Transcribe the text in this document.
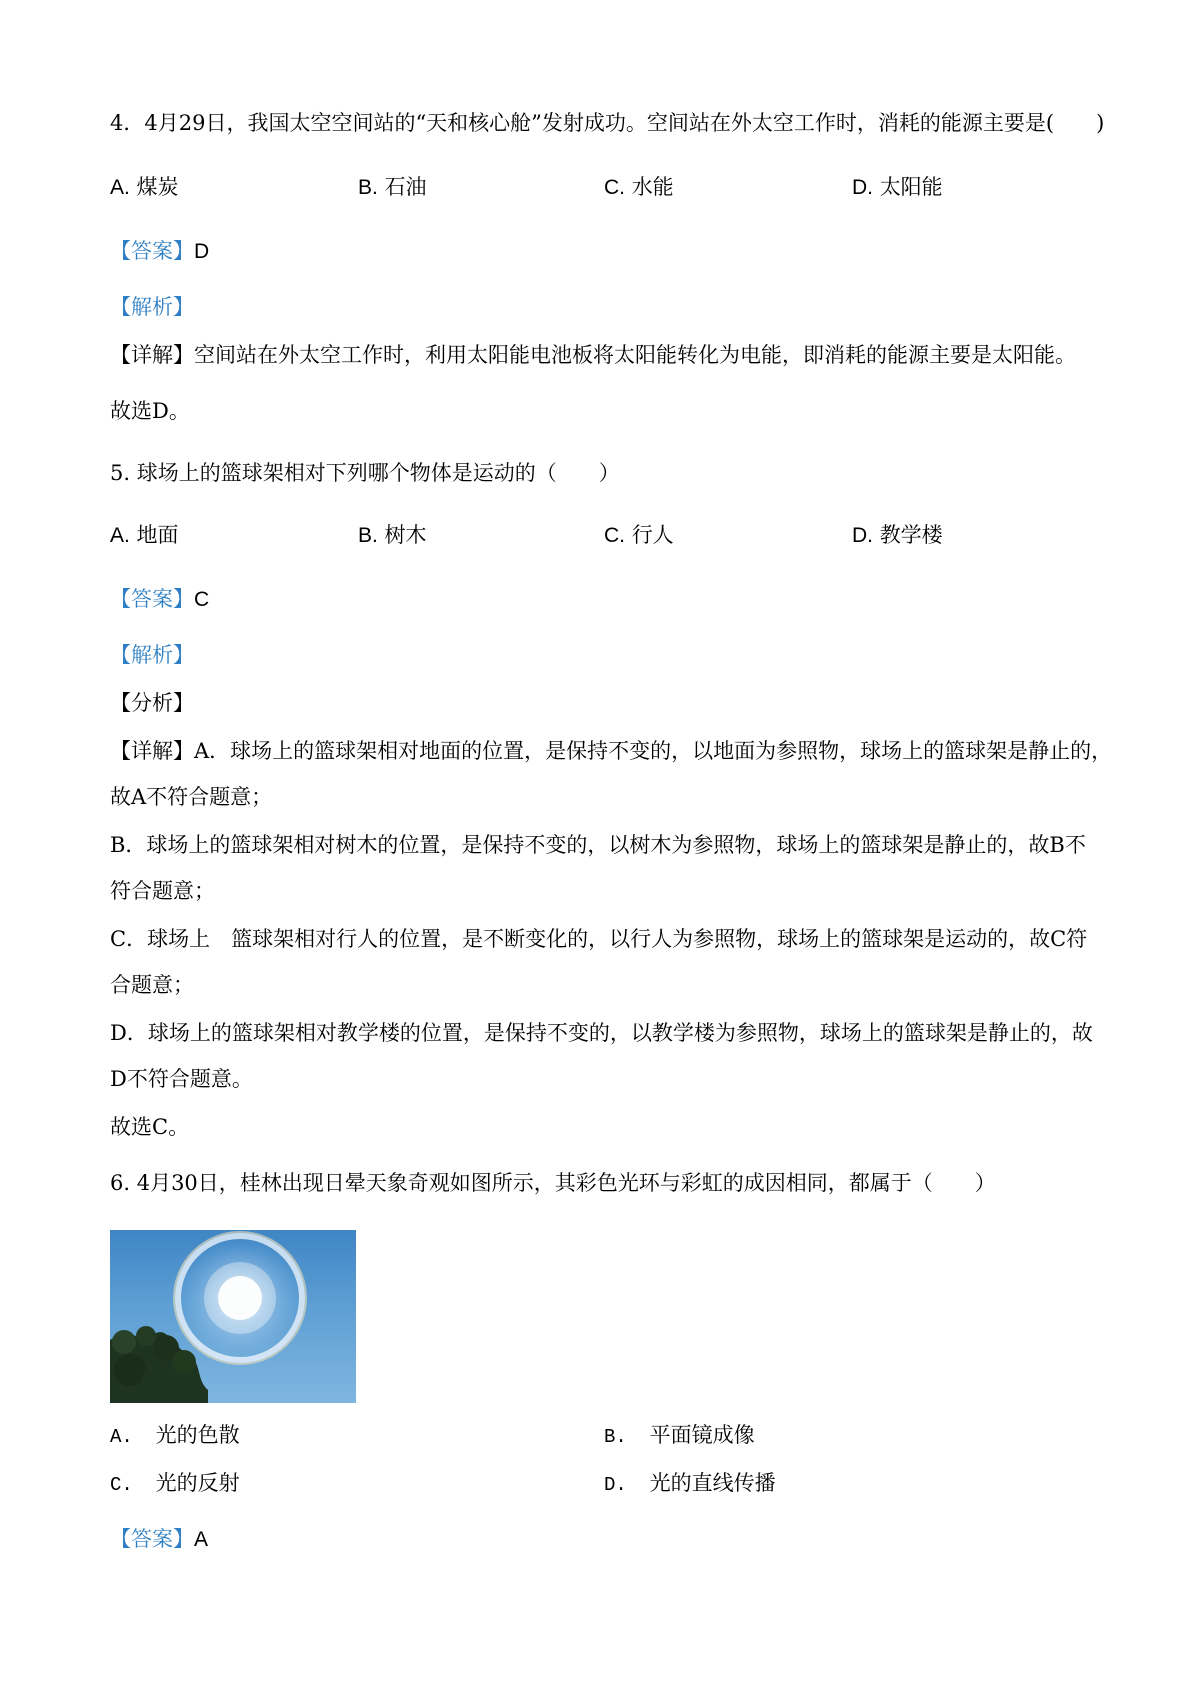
4．4月29日，我国太空空间站的“天和核心舱”发射成功。空间站在外太空工作时，消耗的能源主要是(　　)
A. 煤炭	B. 石油	C. 水能	D. 太阳能
【答案】D
【解析】
【详解】空间站在外太空工作时，利用太阳能电池板将太阳能转化为电能，即消耗的能源主要是太阳能。
故选D。
5. 球场上的篮球架相对下列哪个物体是运动的（　　）
A. 地面	B. 树木	C. 行人	D. 教学楼
【答案】C
【解析】
【分析】
【详解】A．球场上的篮球架相对地面的位置，是保持不变的，以地面为参照物，球场上的篮球架是静止的，
故A不符合题意；
B．球场上的篮球架相对树木的位置，是保持不变的，以树木为参照物，球场上的篮球架是静止的，故B不
符合题意；
C．球场上　篮球架相对行人的位置，是不断变化的，以行人为参照物，球场上的篮球架是运动的，故C符
合题意；
D．球场上的篮球架相对教学楼的位置，是保持不变的，以教学楼为参照物，球场上的篮球架是静止的，故
D不符合题意。
故选C。
6. 4月30日，桂林出现日晕天象奇观如图所示，其彩色光环与彩虹的成因相同，都属于（　　）
A. 光的色散	B. 平面镜成像
C. 光的反射	D. 光的直线传播
【答案】A
